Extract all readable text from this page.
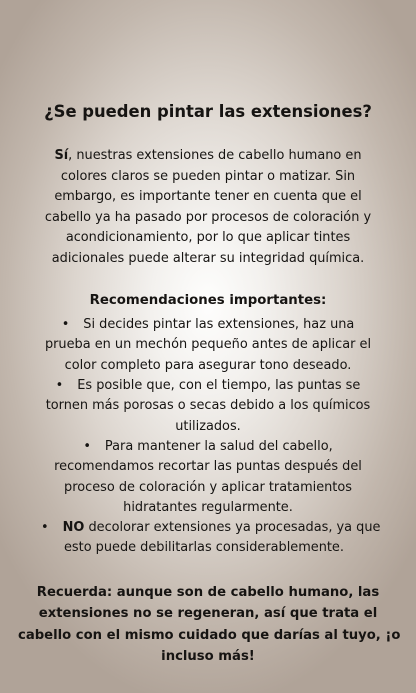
¿Se pueden pintar las extensiones?

Sí, nuestras extensiones de cabello humano en
colores claros se pueden pintar o matizar. Sin
embargo, es importante tener en cuenta que el
cabello ya ha pasado por procesos de coloración y
acondicionamiento, por lo que aplicar tintes
adicionales puede alterar su integridad química.

Recomendaciones importantes:
• Si decides pintar las extensiones, haz una
prueba en un mechón pequeño antes de aplicar el
color completo para asegurar tono deseado.
• Es posible que, con el tiempo, las puntas se
tornen más porosas o secas debido a los químicos
utilizados.
• Para mantener la salud del cabello,
recomendamos recortar las puntas después del
proceso de coloración y aplicar tratamientos
hidratantes regularmente.
• NO decolorar extensiones ya procesadas, ya que
esto puede debilitarlas considerablemente.

Recuerda: aunque son de cabello humano, las
extensiones no se regeneran, así que trata el
cabello con el mismo cuidado que darías al tuyo, ¡o
incluso más!
